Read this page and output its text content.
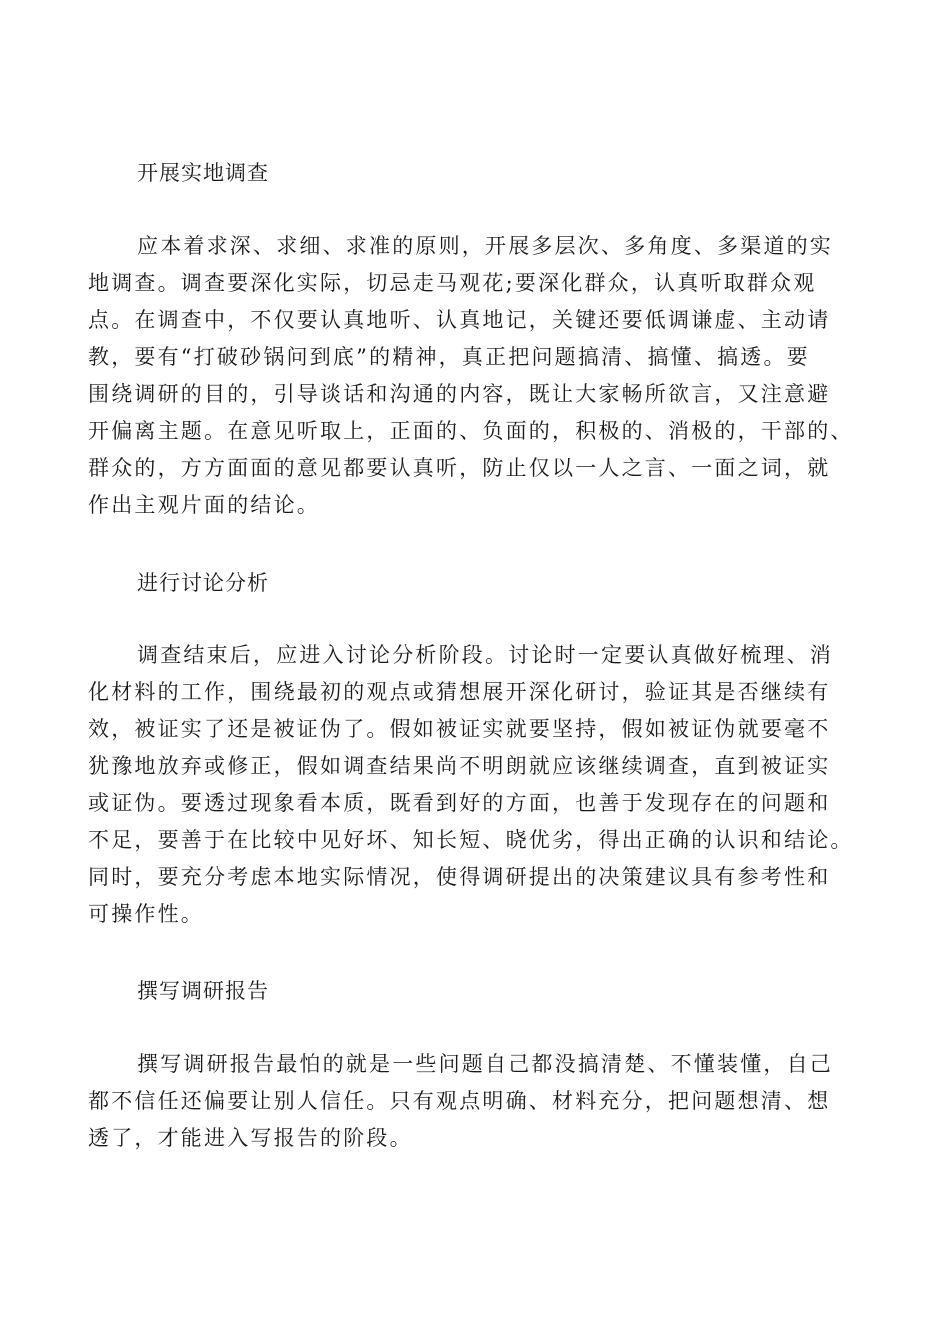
开展实地调查
应本着求深、求细、求准的原则，开展多层次、多角度、多渠道的实
地调查。调查要深化实际，切忌走马观花;要深化群众，认真听取群众观
点。在调查中，不仅要认真地听、认真地记，关键还要低调谦虚、主动请
教，要有“打破砂锅问到底”的精神，真正把问题搞清、搞懂、搞透。要
围绕调研的目的，引导谈话和沟通的内容，既让大家畅所欲言，又注意避
开偏离主题。在意见听取上，正面的、负面的，积极的、消极的，干部的、
群众的，方方面面的意见都要认真听，防止仅以一人之言、一面之词，就
作出主观片面的结论。
进行讨论分析
调查结束后，应进入讨论分析阶段。讨论时一定要认真做好梳理、消
化材料的工作，围绕最初的观点或猜想展开深化研讨，验证其是否继续有
效，被证实了还是被证伪了。假如被证实就要坚持，假如被证伪就要毫不
犹豫地放弃或修正，假如调查结果尚不明朗就应该继续调查，直到被证实
或证伪。要透过现象看本质，既看到好的方面，也善于发现存在的问题和
不足，要善于在比较中见好坏、知长短、晓优劣，得出正确的认识和结论。
同时，要充分考虑本地实际情况，使得调研提出的决策建议具有参考性和
可操作性。
撰写调研报告
撰写调研报告最怕的就是一些问题自己都没搞清楚、不懂装懂，自己
都不信任还偏要让别人信任。只有观点明确、材料充分，把问题想清、想
透了，才能进入写报告的阶段。
